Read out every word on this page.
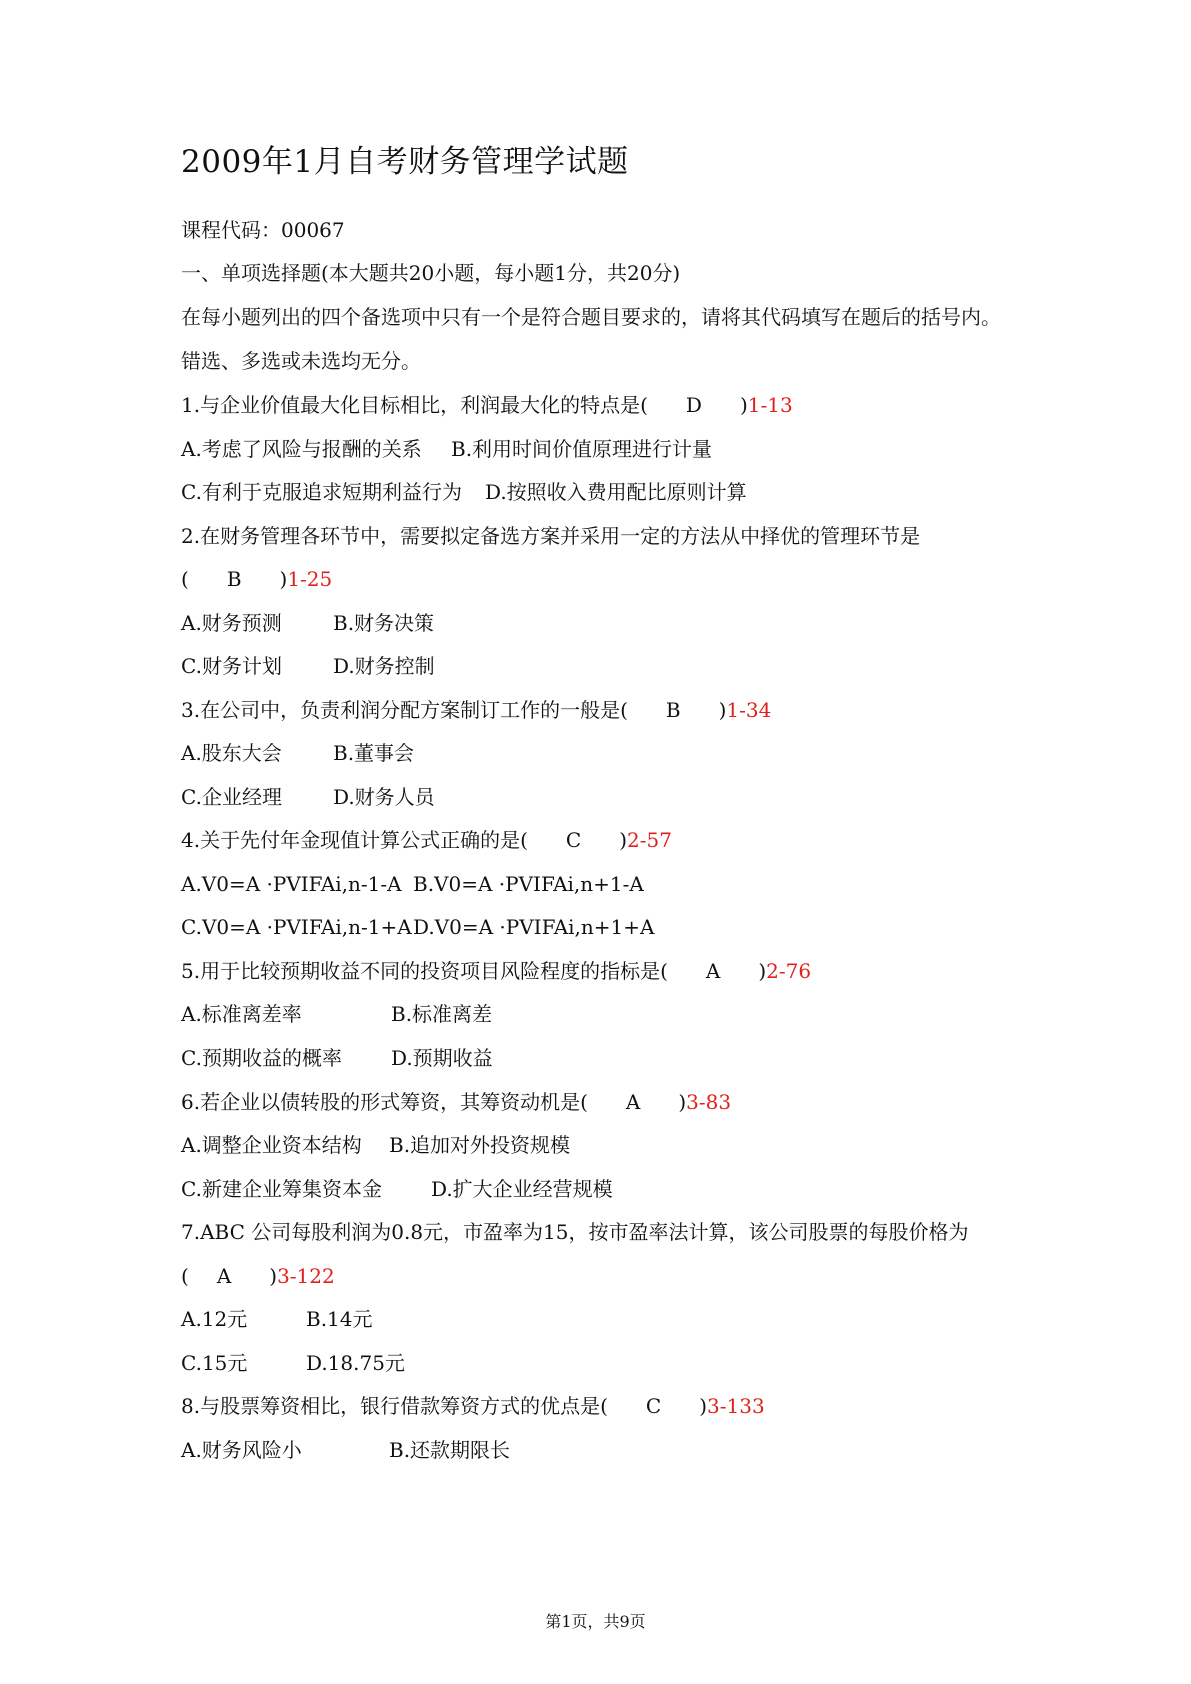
2009年1月自考财务管理学试题
课程代码：00067
一、单项选择题(本大题共20小题，每小题1分，共20分)
在每小题列出的四个备选项中只有一个是符合题目要求的，请将其代码填写在题后的括号内。
错选、多选或未选均无分。
1.与企业价值最大化目标相比，利润最大化的特点是( D )1-13
A.考虑了风险与报酬的关系 B.利用时间价值原理进行计量
C.有利于克服追求短期利益行为 D.按照收入费用配比原则计算
2.在财务管理各环节中，需要拟定备选方案并采用一定的方法从中择优的管理环节是
( B )1-25
A.财务预测	B.财务决策
C.财务计划	D.财务控制
3.在公司中，负责利润分配方案制订工作的一般是( B )1-34
A.股东大会	B.董事会
C.企业经理	D.财务人员
4.关于先付年金现值计算公式正确的是( C )2-57
A.V0=A ·PVIFAi,n-1-A B.V0=A ·PVIFAi,n+1-A
C.V0=A ·PVIFAi,n-1+AD.V0=A ·PVIFAi,n+1+A
5.用于比较预期收益不同的投资项目风险程度的指标是( A )2-76
A.标准离差率	B.标准离差
C.预期收益的概率 D.预期收益
6.若企业以债转股的形式筹资，其筹资动机是( A )3-83
A.调整企业资本结构 B.追加对外投资规模
C.新建企业筹集资本金 D.扩大企业经营规模
7.ABC 公司每股利润为0.8元，市盈率为15，按市盈率法计算，该公司股票的每股价格为
( A )3-122
A.12元	B.14元
C.15元	D.18.75元
8.与股票筹资相比，银行借款筹资方式的优点是( C )3-133
A.财务风险小	B.还款期限长
第1页，共9页
